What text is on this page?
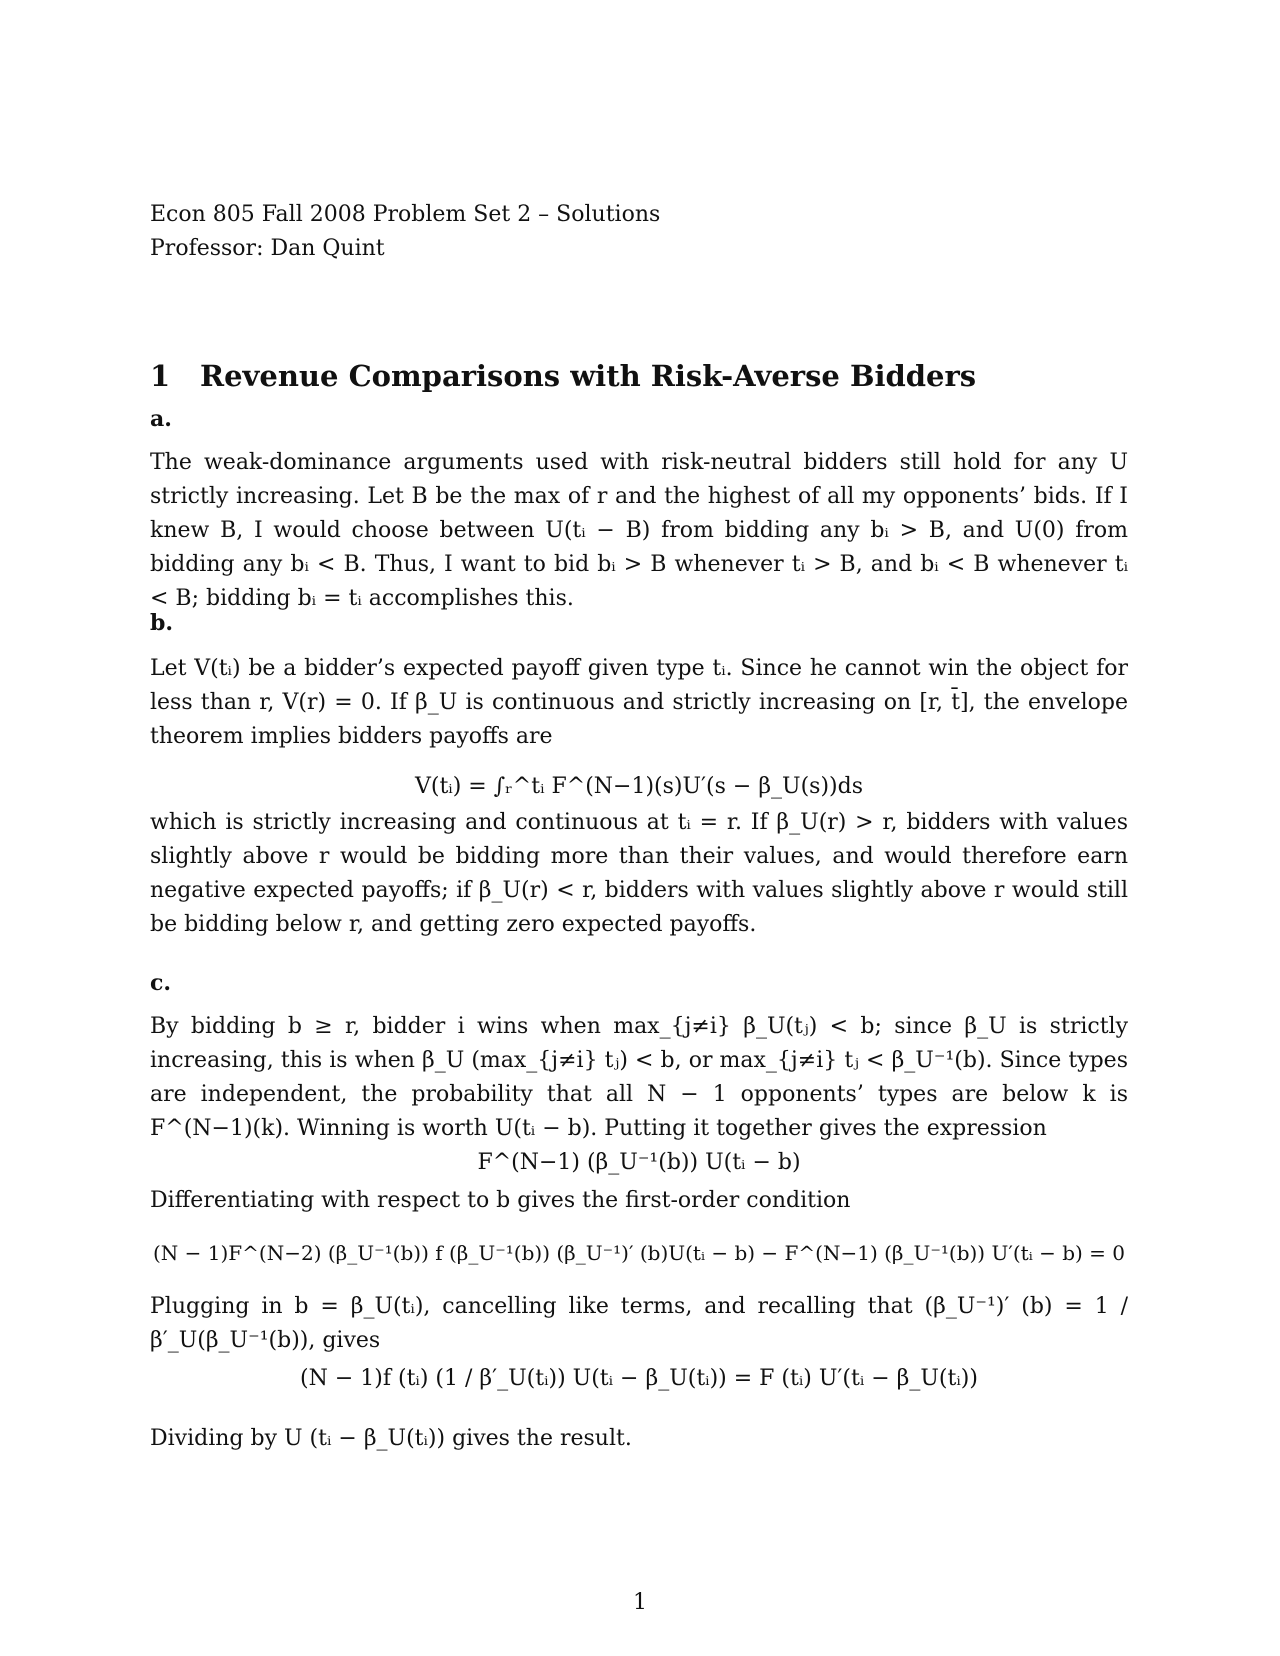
Econ 805 Fall 2008 Problem Set 2 – Solutions
Professor: Dan Quint
1 Revenue Comparisons with Risk-Averse Bidders
a.
The weak-dominance arguments used with risk-neutral bidders still hold for any U strictly increasing. Let B be the max of r and the highest of all my opponents’ bids. If I knew B, I would choose between U(tᵢ − B) from bidding any bᵢ > B, and U(0) from bidding any bᵢ < B. Thus, I want to bid bᵢ > B whenever tᵢ > B, and bᵢ < B whenever tᵢ < B; bidding bᵢ = tᵢ accomplishes this.
b.
Let V(tᵢ) be a bidder’s expected payoff given type tᵢ. Since he cannot win the object for less than r, V(r) = 0. If β_U is continuous and strictly increasing on [r, t̄], the envelope theorem implies bidders payoffs are
V(tᵢ) = ∫ᵣ^tᵢ F^(N−1)(s)U′(s − β_U(s))ds
which is strictly increasing and continuous at tᵢ = r. If β_U(r) > r, bidders with values slightly above r would be bidding more than their values, and would therefore earn negative expected payoffs; if β_U(r) < r, bidders with values slightly above r would still be bidding below r, and getting zero expected payoffs.
c.
By bidding b ≥ r, bidder i wins when max_{j≠i} β_U(tⱼ) < b; since β_U is strictly increasing, this is when β_U (max_{j≠i} tⱼ) < b, or max_{j≠i} tⱼ < β_U⁻¹(b). Since types are independent, the probability that all N − 1 opponents’ types are below k is F^(N−1)(k). Winning is worth U(tᵢ − b). Putting it together gives the expression
F^(N−1) (β_U⁻¹(b)) U(tᵢ − b)
Differentiating with respect to b gives the first-order condition
(N − 1)F^(N−2) (β_U⁻¹(b)) f (β_U⁻¹(b)) (β_U⁻¹)′ (b)U(tᵢ − b) − F^(N−1) (β_U⁻¹(b)) U′(tᵢ − b) = 0
Plugging in b = β_U(tᵢ), cancelling like terms, and recalling that (β_U⁻¹)′ (b) = 1 / β′_U(β_U⁻¹(b)), gives
(N − 1)f (tᵢ) (1 / β′_U(tᵢ)) U(tᵢ − β_U(tᵢ)) = F (tᵢ) U′(tᵢ − β_U(tᵢ))
Dividing by U (tᵢ − β_U(tᵢ)) gives the result.
1
